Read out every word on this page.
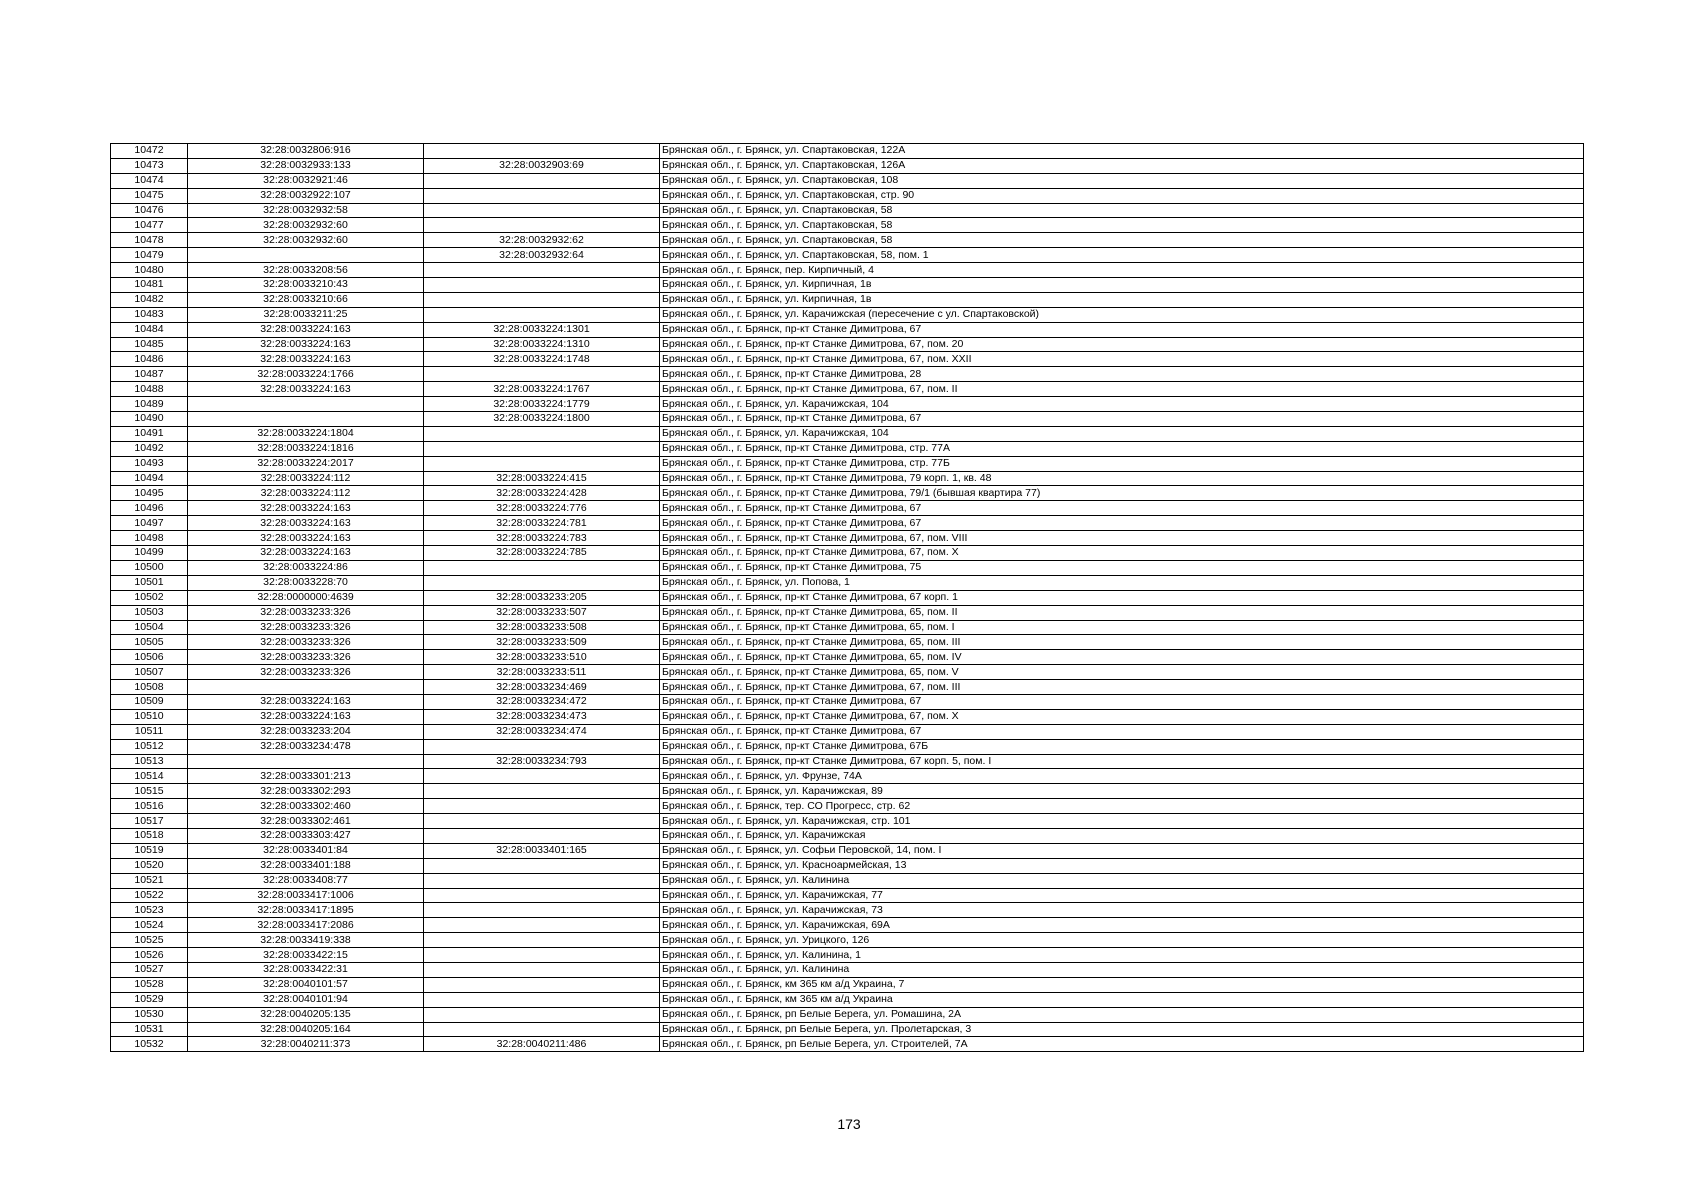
10472	32:28:0032806:916		Брянская обл., г. Брянск, ул. Спартаковская, 122А
10473	32:28:0032933:133	32:28:0032903:69	Брянская обл., г. Брянск, ул. Спартаковская, 126А
10474	32:28:0032921:46		Брянская обл., г. Брянск, ул. Спартаковская, 108
10475	32:28:0032922:107		Брянская обл., г. Брянск, ул. Спартаковская, стр. 90
10476	32:28:0032932:58		Брянская обл., г. Брянск, ул. Спартаковская, 58
10477	32:28:0032932:60		Брянская обл., г. Брянск, ул. Спартаковская, 58
10478	32:28:0032932:60	32:28:0032932:62	Брянская обл., г. Брянск, ул. Спартаковская, 58
10479		32:28:0032932:64	Брянская обл., г. Брянск, ул. Спартаковская, 58, пом. 1
10480	32:28:0033208:56		Брянская обл., г. Брянск, пер. Кирпичный, 4
10481	32:28:0033210:43		Брянская обл., г. Брянск, ул. Кирпичная, 1в
10482	32:28:0033210:66		Брянская обл., г. Брянск, ул. Кирпичная, 1в
10483	32:28:0033211:25		Брянская обл., г. Брянск, ул. Карачижская (пересечение с ул. Спартаковской)
10484	32:28:0033224:163	32:28:0033224:1301	Брянская обл., г. Брянск, пр-кт Станке Димитрова, 67
10485	32:28:0033224:163	32:28:0033224:1310	Брянская обл., г. Брянск, пр-кт Станке Димитрова, 67, пом. 20
10486	32:28:0033224:163	32:28:0033224:1748	Брянская обл., г. Брянск, пр-кт Станке Димитрова, 67, пом. XXII
10487	32:28:0033224:1766		Брянская обл., г. Брянск, пр-кт Станке Димитрова, 28
10488	32:28:0033224:163	32:28:0033224:1767	Брянская обл., г. Брянск, пр-кт Станке Димитрова, 67, пом. II
10489		32:28:0033224:1779	Брянская обл., г. Брянск, ул. Карачижская, 104
10490		32:28:0033224:1800	Брянская обл., г. Брянск, пр-кт Станке Димитрова, 67
10491	32:28:0033224:1804		Брянская обл., г. Брянск, ул. Карачижская, 104
10492	32:28:0033224:1816		Брянская обл., г. Брянск, пр-кт Станке Димитрова, стр. 77А
10493	32:28:0033224:2017		Брянская обл., г. Брянск, пр-кт Станке Димитрова, стр. 77Б
10494	32:28:0033224:112	32:28:0033224:415	Брянская обл., г. Брянск, пр-кт Станке Димитрова, 79 корп. 1, кв. 48
10495	32:28:0033224:112	32:28:0033224:428	Брянская обл., г. Брянск, пр-кт Станке Димитрова, 79/1 (бывшая квартира 77)
10496	32:28:0033224:163	32:28:0033224:776	Брянская обл., г. Брянск, пр-кт Станке Димитрова, 67
10497	32:28:0033224:163	32:28:0033224:781	Брянская обл., г. Брянск, пр-кт Станке Димитрова, 67
10498	32:28:0033224:163	32:28:0033224:783	Брянская обл., г. Брянск, пр-кт Станке Димитрова, 67, пом. VIII
10499	32:28:0033224:163	32:28:0033224:785	Брянская обл., г. Брянск, пр-кт Станке Димитрова, 67, пом. Х
10500	32:28:0033224:86		Брянская обл., г. Брянск, пр-кт Станке Димитрова, 75
10501	32:28:0033228:70		Брянская обл., г. Брянск, ул. Попова, 1
10502	32:28:0000000:4639	32:28:0033233:205	Брянская обл., г. Брянск, пр-кт Станке Димитрова, 67 корп. 1
10503	32:28:0033233:326	32:28:0033233:507	Брянская обл., г. Брянск, пр-кт Станке Димитрова, 65, пом. II
10504	32:28:0033233:326	32:28:0033233:508	Брянская обл., г. Брянск, пр-кт Станке Димитрова, 65, пом. I
10505	32:28:0033233:326	32:28:0033233:509	Брянская обл., г. Брянск, пр-кт Станке Димитрова, 65, пом. III
10506	32:28:0033233:326	32:28:0033233:510	Брянская обл., г. Брянск, пр-кт Станке Димитрова, 65, пом. IV
10507	32:28:0033233:326	32:28:0033233:511	Брянская обл., г. Брянск, пр-кт Станке Димитрова, 65, пом. V
10508		32:28:0033234:469	Брянская обл., г. Брянск, пр-кт Станке Димитрова, 67, пом. III
10509	32:28:0033224:163	32:28:0033234:472	Брянская обл., г. Брянск, пр-кт Станке Димитрова, 67
10510	32:28:0033224:163	32:28:0033234:473	Брянская обл., г. Брянск, пр-кт Станке Димитрова, 67, пом. Х
10511	32:28:0033233:204	32:28:0033234:474	Брянская обл., г. Брянск, пр-кт Станке Димитрова, 67
10512	32:28:0033234:478		Брянская обл., г. Брянск, пр-кт Станке Димитрова, 67Б
10513		32:28:0033234:793	Брянская обл., г. Брянск, пр-кт Станке Димитрова, 67 корп. 5, пом. I
10514	32:28:0033301:213		Брянская обл., г. Брянск, ул. Фрунзе, 74А
10515	32:28:0033302:293		Брянская обл., г. Брянск, ул. Карачижская, 89
10516	32:28:0033302:460		Брянская обл., г. Брянск, тер. СО Прогресс, стр. 62
10517	32:28:0033302:461		Брянская обл., г. Брянск, ул. Карачижская, стр. 101
10518	32:28:0033303:427		Брянская обл., г. Брянск, ул. Карачижская
10519	32:28:0033401:84	32:28:0033401:165	Брянская обл., г. Брянск, ул. Софьи Перовской, 14, пом. I
10520	32:28:0033401:188		Брянская обл., г. Брянск, ул. Красноармейская, 13
10521	32:28:0033408:77		Брянская обл., г. Брянск, ул. Калинина
10522	32:28:0033417:1006		Брянская обл., г. Брянск, ул. Карачижская, 77
10523	32:28:0033417:1895		Брянская обл., г. Брянск, ул. Карачижская, 73
10524	32:28:0033417:2086		Брянская обл., г. Брянск, ул. Карачижская, 69А
10525	32:28:0033419:338		Брянская обл., г. Брянск, ул. Урицкого, 126
10526	32:28:0033422:15		Брянская обл., г. Брянск, ул. Калинина, 1
10527	32:28:0033422:31		Брянская обл., г. Брянск, ул. Калинина
10528	32:28:0040101:57		Брянская обл., г. Брянск, км 365 км а/д Украина, 7
10529	32:28:0040101:94		Брянская обл., г. Брянск, км 365 км а/д Украина
10530	32:28:0040205:135		Брянская обл., г. Брянск, рп Белые Берега, ул. Ромашина, 2А
10531	32:28:0040205:164		Брянская обл., г. Брянск, рп Белые Берега, ул. Пролетарская, 3
10532	32:28:0040211:373	32:28:0040211:486	Брянская обл., г. Брянск, рп Белые Берега, ул. Строителей, 7А
173
